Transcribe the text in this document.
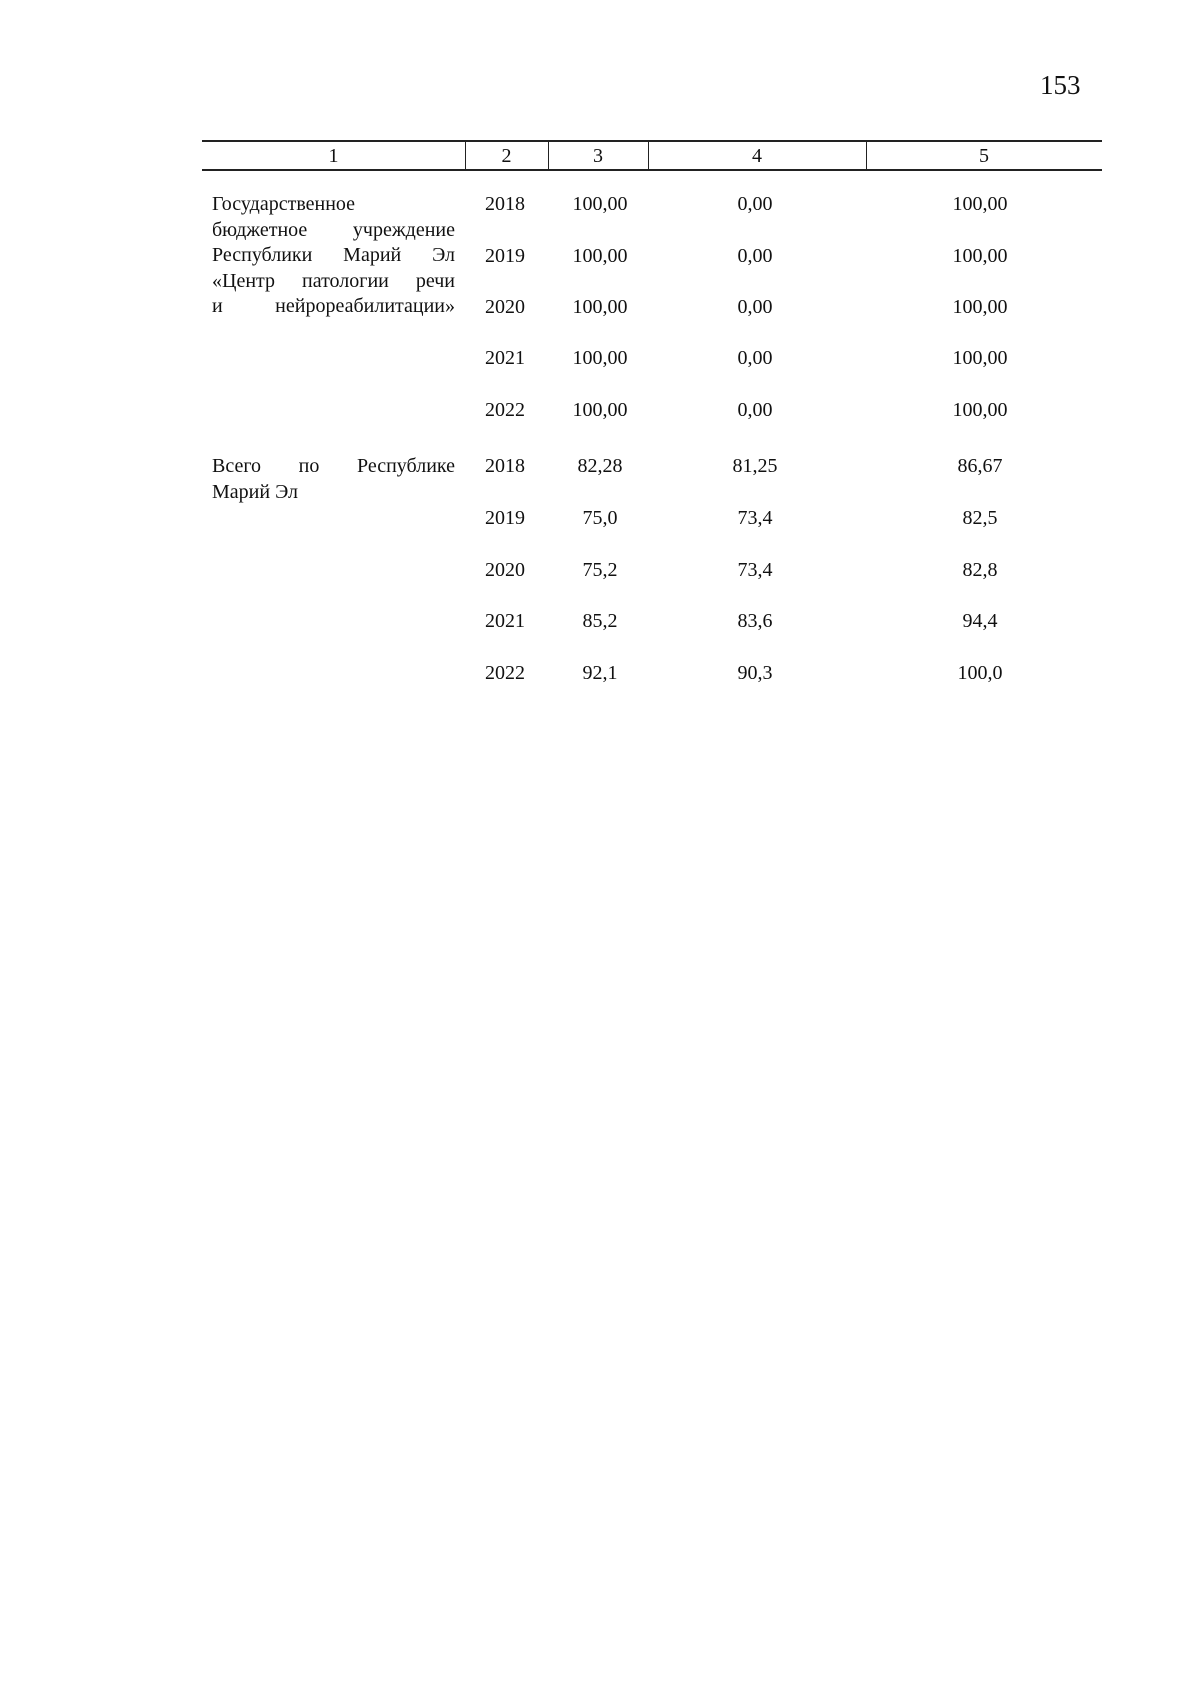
153
1	2	3	4	5
Государственное
бюджетное учреждение
Республики Марий Эл
«Центр патологии речи
и нейрореабилитации»
2018	100,00	0,00	100,00
2019	100,00	0,00	100,00
2020	100,00	0,00	100,00
2021	100,00	0,00	100,00
2022	100,00	0,00	100,00
Всего по Республике
Марий Эл
2018	82,28	81,25	86,67
2019	75,0	73,4	82,5
2020	75,2	73,4	82,8
2021	85,2	83,6	94,4
2022	92,1	90,3	100,0
